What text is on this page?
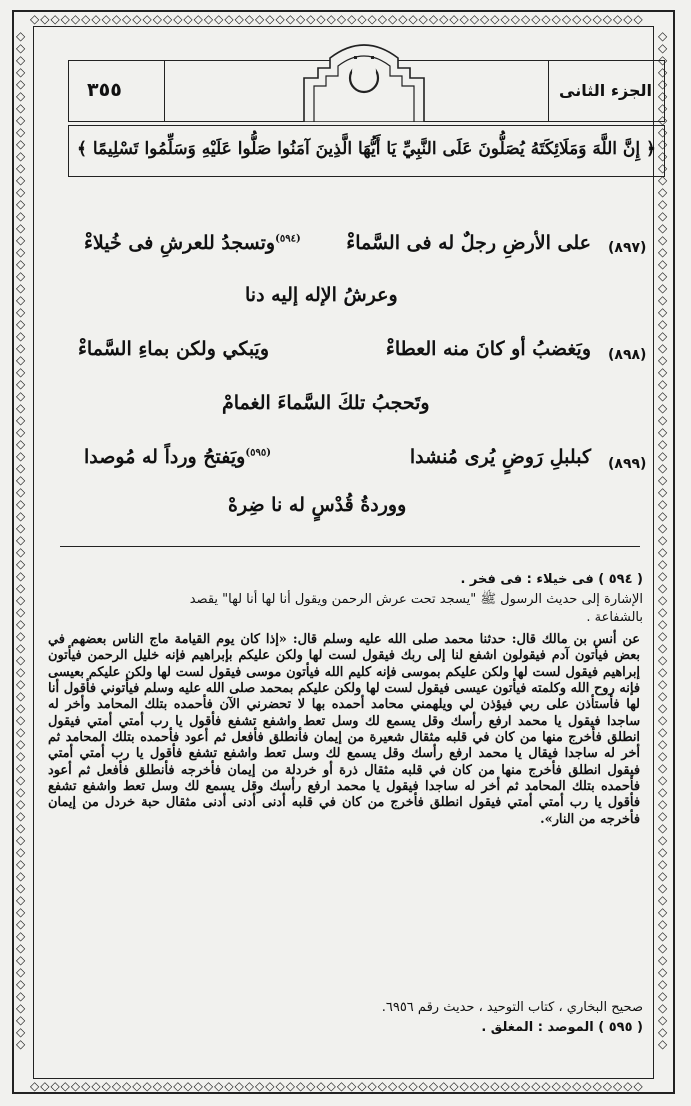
◇◇◇◇◇◇◇◇◇◇◇◇◇◇◇◇◇◇◇◇◇◇◇◇◇◇◇◇◇◇◇◇◇◇◇◇◇◇◇◇◇◇◇◇◇◇◇◇◇◇◇◇◇◇◇◇◇◇◇◇
◇◇◇◇◇◇◇◇◇◇◇◇◇◇◇◇◇◇◇◇◇◇◇◇◇◇◇◇◇◇◇◇◇◇◇◇◇◇◇◇◇◇◇◇◇◇◇◇◇◇◇◇◇◇◇◇◇◇◇◇
◇◇◇◇◇◇◇◇◇◇◇◇◇◇◇◇◇◇◇◇◇◇◇◇◇◇◇◇◇◇◇◇◇◇◇◇◇◇◇◇◇◇◇◇◇◇◇◇◇◇◇◇◇◇◇◇◇◇◇◇◇◇◇◇◇◇◇◇◇◇◇◇◇◇◇◇◇◇◇◇◇◇◇◇◇
◇◇◇◇◇◇◇◇◇◇◇◇◇◇◇◇◇◇◇◇◇◇◇◇◇◇◇◇◇◇◇◇◇◇◇◇◇◇◇◇◇◇◇◇◇◇◇◇◇◇◇◇◇◇◇◇◇◇◇◇◇◇◇◇◇◇◇◇◇◇◇◇◇◇◇◇◇◇◇◇◇◇◇◇◇
٣٥٥	الجزء الثانى
﴿ إِنَّ اللَّهَ وَمَلَائِكَتَهُ يُصَلُّونَ عَلَى النَّبِيِّ يَا أَيُّهَا الَّذِينَ آمَنُوا صَلُّوا عَلَيْهِ وَسَلِّمُوا تَسْلِيمًا ﴾
(٨٩٧)
على الأرضِ رجلٌ له فى السَّماءْ
$^{(٥٩٤)}$وتسجدُ للعرشِ فى خُيلاءْ
وعرشُ الإله إليه دنا
(٨٩٨)
ويَغضبُ أو كانَ منه العطاءْ
ويَبكي ولكن بماءِ السَّماءْ
وتَحجبُ تلكَ السَّماءَ الغمامْ
(٨٩٩)
كبلبلِ رَوضٍ يُرى مُنشدا
$^{(٥٩٥)}$ويَفتحُ ورداً له مُوصدا
ووردةُ قُدْسٍ له نا ضِرهْ
( ٥٩٤ ) فى خيلاء : فى فخر .
الإشارة إلى حديث الرسول ﷺ "يسجد تحت عرش الرحمن ويقول أنا لها أنا لها" يقصد
بالشفاعة .
عن أنس بن مالك قال: حدثنا محمد صلى الله عليه وسلم قال: «إذا كان يوم القيامة ماج الناس بعضهم في بعض فيأتون آدم فيقولون اشفع لنا إلى ربك فيقول لست لها ولكن عليكم بإبراهيم فإنه خليل الرحمن فيأتون إبراهيم فيقول لست لها ولكن عليكم بموسى فإنه كليم الله فيأتون موسى فيقول لست لها ولكن عليكم بعيسى فإنه روح الله وكلمته فيأتون عيسى فيقول لست لها ولكن عليكم بمحمد صلى الله عليه وسلم فيأتوني فأقول أنا لها فأستأذن على ربي فيؤذن لي ويلهمني محامد أحمده بها لا تحضرني الآن فأحمده بتلك المحامد وأخر له ساجدا فيقول يا محمد ارفع رأسك وقل يسمع لك وسل تعط واشفع تشفع فأقول يا رب أمتي أمتي فيقول انطلق فأخرج منها من كان في قلبه مثقال شعيرة من إيمان فأنطلق فأفعل ثم أعود فأحمده بتلك المحامد ثم أخر له ساجدا فيقال يا محمد ارفع رأسك وقل يسمع لك وسل تعط واشفع تشفع فأقول يا رب أمتي أمتي فيقول انطلق فأخرج منها من كان في قلبه مثقال ذرة أو خردلة من إيمان فأخرجه فأنطلق فأفعل ثم أعود فأحمده بتلك المحامد ثم أخر له ساجدا فيقول يا محمد ارفع رأسك وقل يسمع لك وسل تعط واشفع تشفع فأقول يا رب أمتي أمتي فيقول انطلق فأخرج من كان في قلبه أدنى أدنى أدنى مثقال حبة خردل من إيمان فأخرجه من النار».
صحيح البخاري ، كتاب التوحيد ، حديث رقم ٦٩٥٦.
( ٥٩٥ ) الموصد : المغلق .
